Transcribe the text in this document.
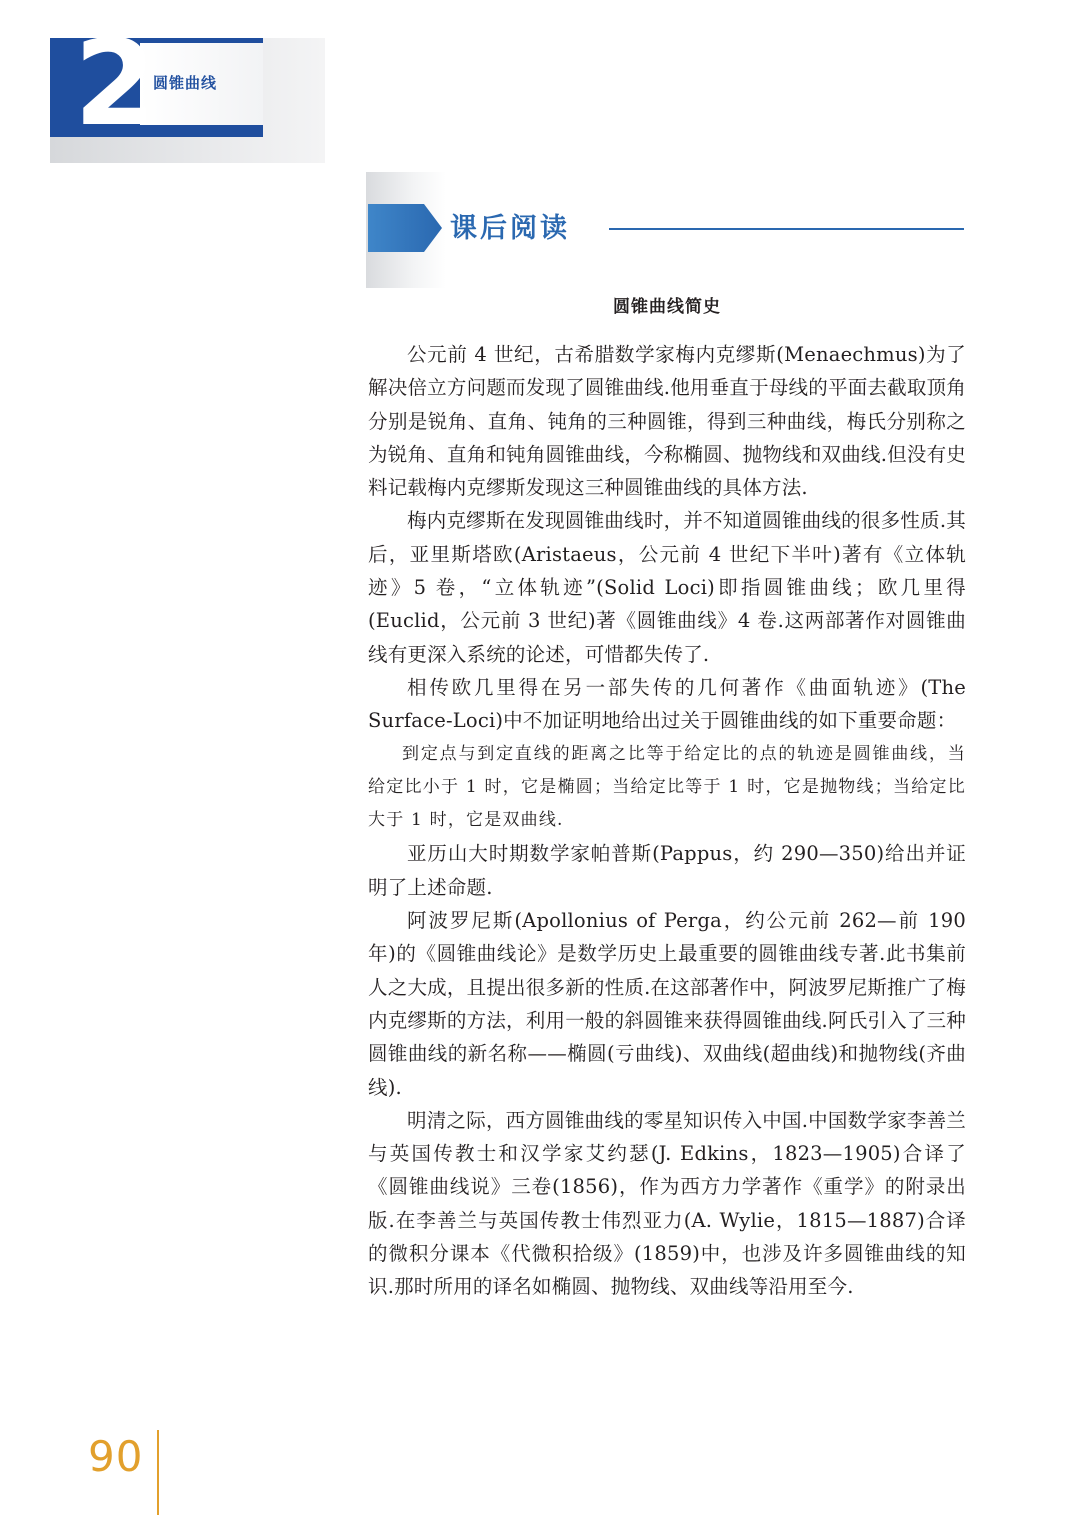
2
圆锥曲线
课后阅读
圆锥曲线简史

公元前 4 世纪，古希腊数学家梅内克缪斯(Menaechmus)为了解决倍立方问题而发现了圆锥曲线.他用垂直于母线的平面去截取顶角分别是锐角、直角、钝角的三种圆锥，得到三种曲线，梅氏分别称之为锐角、直角和钝角圆锥曲线，今称椭圆、抛物线和双曲线.但没有史料记载梅内克缪斯发现这三种圆锥曲线的具体方法.

梅内克缪斯在发现圆锥曲线时，并不知道圆锥曲线的很多性质.其后，亚里斯塔欧(Aristaeus，公元前 4 世纪下半叶)著有《立体轨迹》5 卷，“立体轨迹”(Solid Loci)即指圆锥曲线；欧几里得(Euclid，公元前 3 世纪)著《圆锥曲线》4 卷.这两部著作对圆锥曲线有更深入系统的论述，可惜都失传了.

相传欧几里得在另一部失传的几何著作《曲面轨迹》(The Surface-Loci)中不加证明地给出过关于圆锥曲线的如下重要命题：

到定点与到定直线的距离之比等于给定比的点的轨迹是圆锥曲线，当给定比小于 1 时，它是椭圆；当给定比等于 1 时，它是抛物线；当给定比大于 1 时，它是双曲线.

亚历山大时期数学家帕普斯(Pappus，约 290—350)给出并证明了上述命题.

阿波罗尼斯(Apollonius of Perga，约公元前 262—前 190 年)的《圆锥曲线论》是数学历史上最重要的圆锥曲线专著.此书集前人之大成，且提出很多新的性质.在这部著作中，阿波罗尼斯推广了梅内克缪斯的方法，利用一般的斜圆锥来获得圆锥曲线.阿氏引入了三种圆锥曲线的新名称——椭圆(亏曲线)、双曲线(超曲线)和抛物线(齐曲线).

明清之际，西方圆锥曲线的零星知识传入中国.中国数学家李善兰与英国传教士和汉学家艾约瑟(J. Edkins，1823—1905)合译了《圆锥曲线说》三卷(1856)，作为西方力学著作《重学》的附录出版.在李善兰与英国传教士伟烈亚力(A. Wylie，1815—1887)合译的微积分课本《代微积拾级》(1859)中，也涉及许多圆锥曲线的知识.那时所用的译名如椭圆、抛物线、双曲线等沿用至今.

90
